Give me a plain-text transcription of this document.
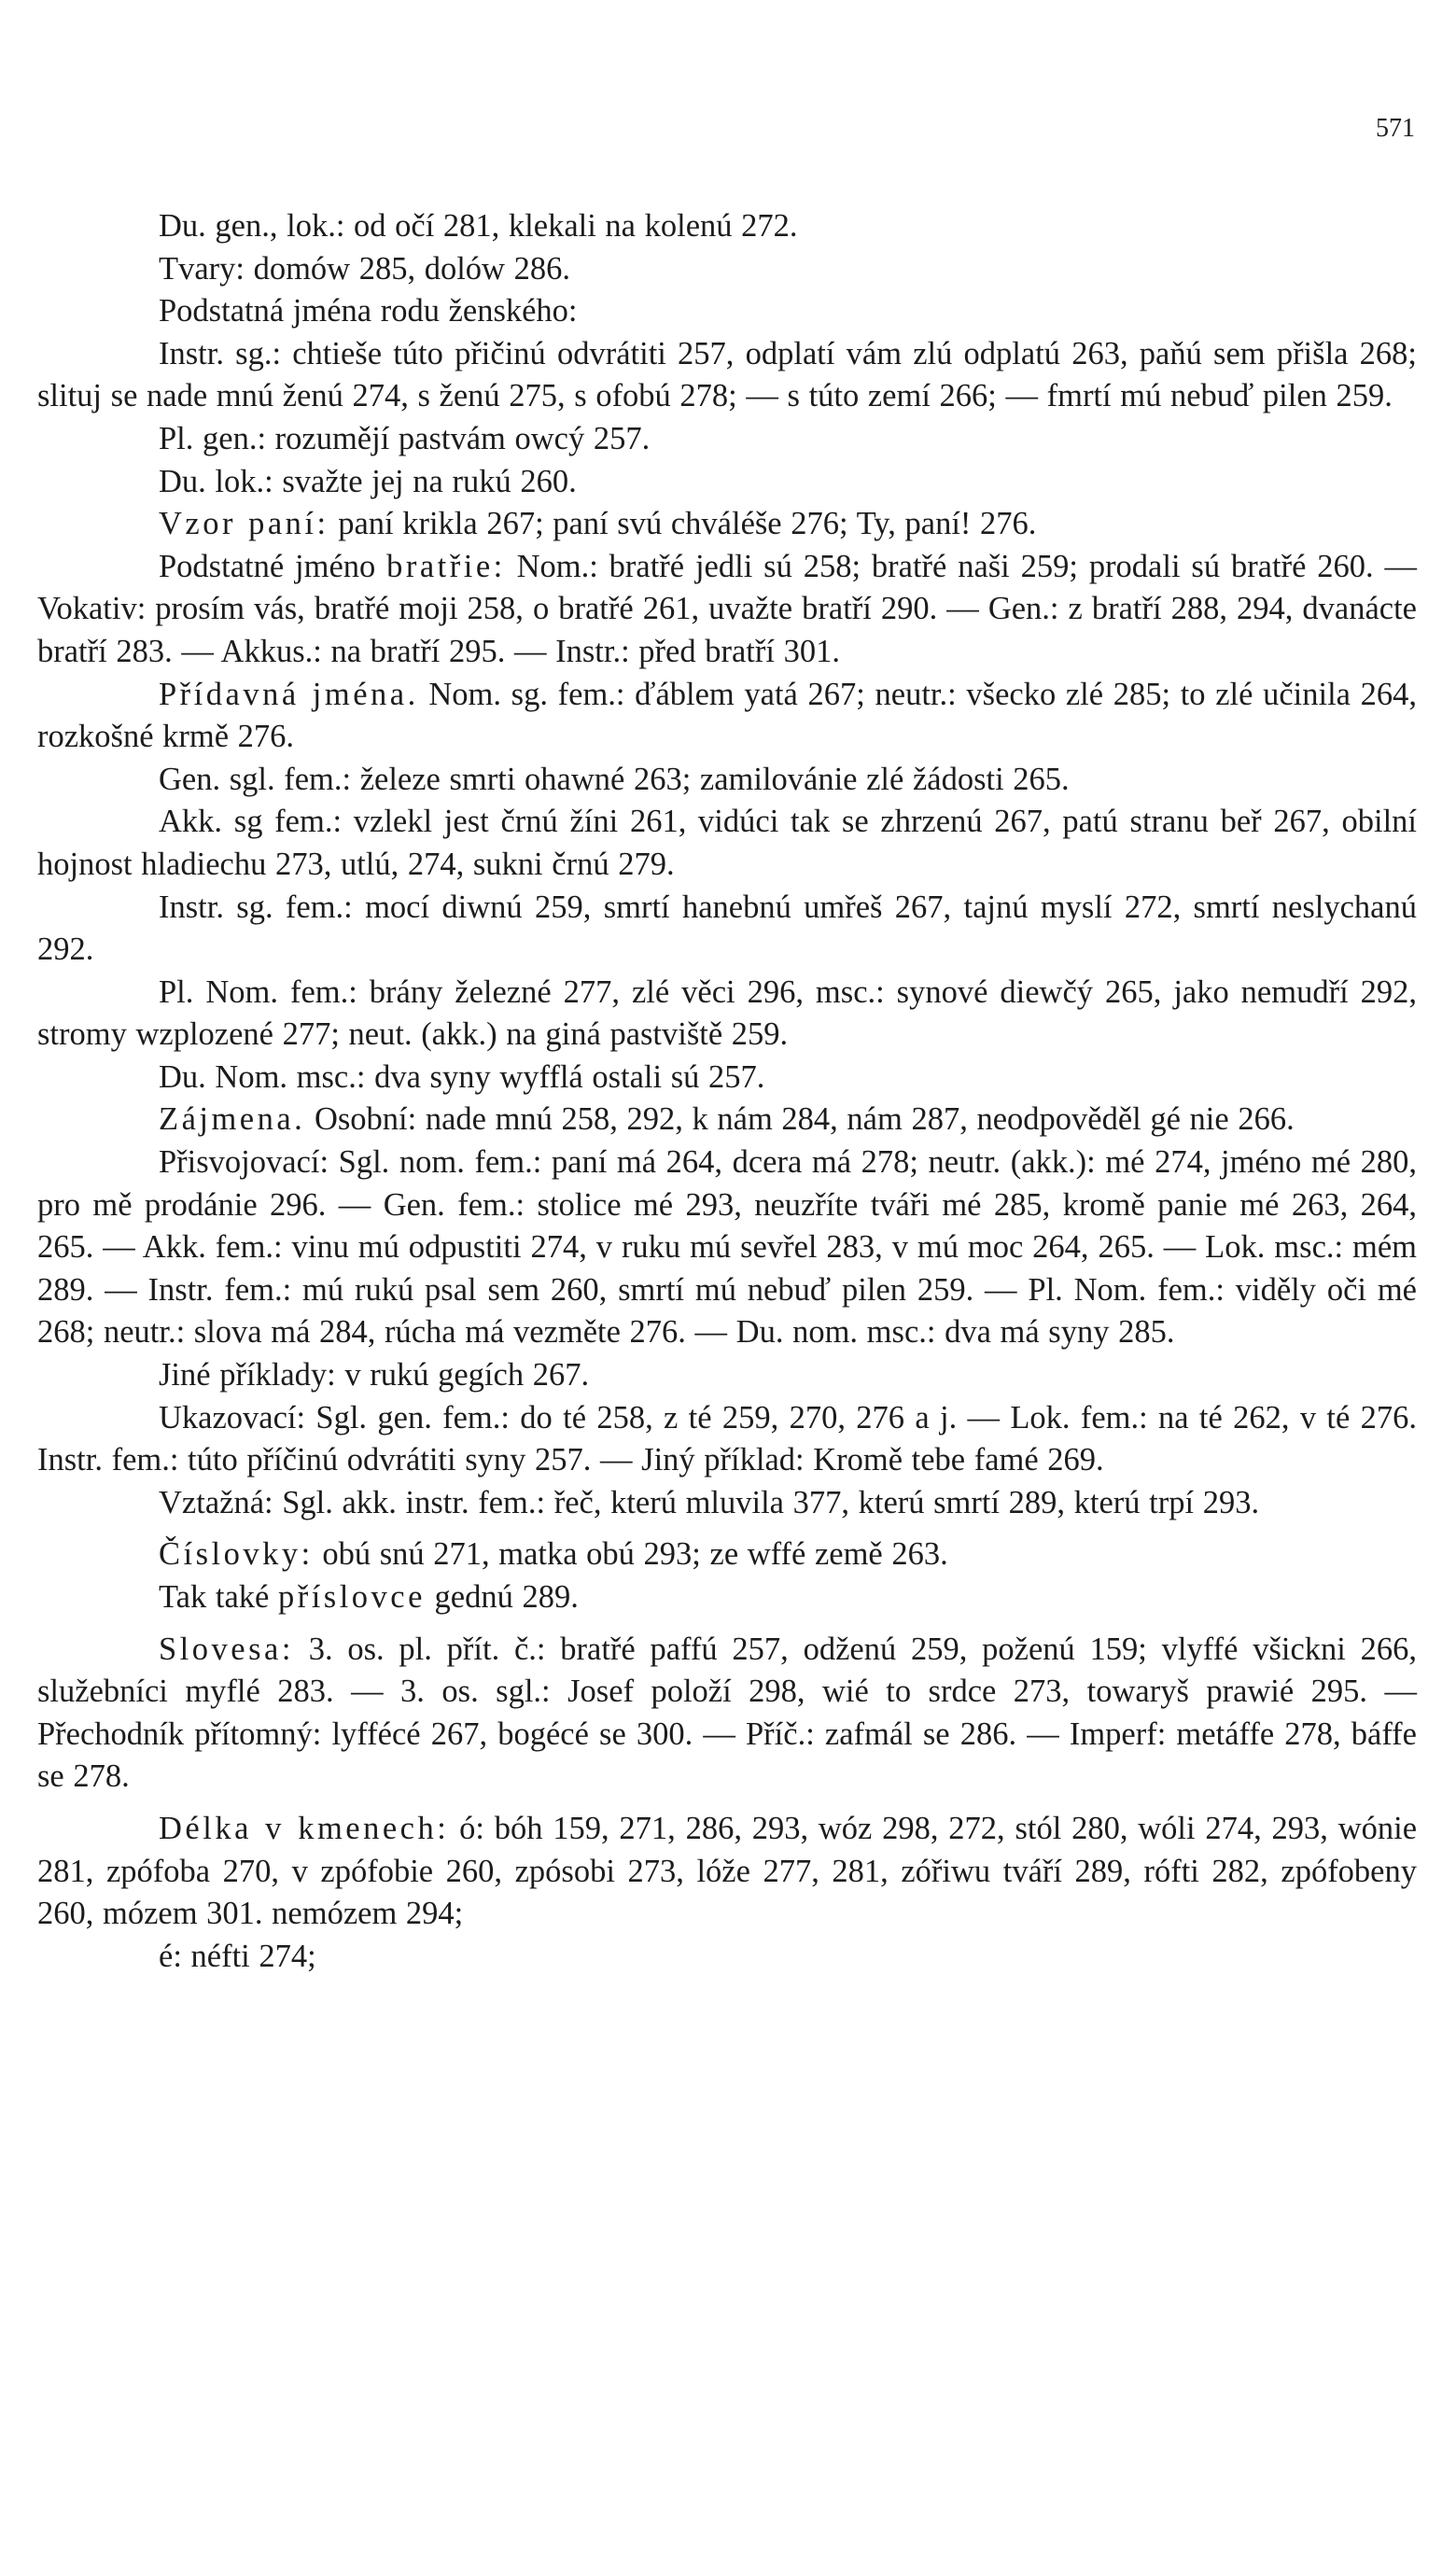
571

Du. gen., lok.: od očí 281, klekali na kolenú 272.

Tvary: domów 285, dolów 286.

Podstatná jména rodu ženského:

Instr. sg.: chtieše túto přičinú odvrátiti 257, odplatí vám zlú odplatú 263, paňú sem přišla 268; slituj se nade mnú ženú 274, s ženú 275, s ofobú 278; — s túto zemí 266; — fmrtí mú nebuď pilen 259.

Pl. gen.: rozumějí pastvám owcý 257.

Du. lok.: svažte jej na rukú 260.

Vzor paní: paní krikla 267; paní svú chváléše 276; Ty, paní! 276.

Podstatné jméno bratřie: Nom.: bratřé jedli sú 258; bratřé naši 259; prodali sú bratřé 260. — Vokativ: prosím vás, bratřé moji 258, o bratřé 261, uvažte bratří 290. — Gen.: z bratří 288, 294, dvanácte bratří 283. — Akkus.: na bratří 295. — Instr.: před bratří 301.

Přídavná jména. Nom. sg. fem.: ďáblem yatá 267; neutr.: všecko zlé 285; to zlé učinila 264, rozkošné krmě 276.

Gen. sgl. fem.: železe smrti ohawné 263; zamilovánie zlé žádosti 265.

Akk. sg fem.: vzlekl jest črnú žíni 261, vidúci tak se zhrzenú 267, patú stranu beř 267, obilní hojnost hladiechu 273, utlú, 274, sukni črnú 279.

Instr. sg. fem.: mocí diwnú 259, smrtí hanebnú umřeš 267, tajnú myslí 272, smrtí neslychanú 292.

Pl. Nom. fem.: brány železné 277, zlé věci 296, msc.: synové diewčý 265, jako nemudří 292, stromy wzplozené 277; neut. (akk.) na giná pastviště 259.

Du. Nom. msc.: dva syny wyfflá ostali sú 257.

Zájmena. Osobní: nade mnú 258, 292, k nám 284, nám 287, neodpověděl gé nie 266.

Přisvojovací: Sgl. nom. fem.: paní má 264, dcera má 278; neutr. (akk.): mé 274, jméno mé 280, pro mě prodánie 296. — Gen. fem.: stolice mé 293, neuzříte tváři mé 285, kromě panie mé 263, 264, 265. — Akk. fem.: vinu mú odpustiti 274, v ruku mú sevřel 283, v mú moc 264, 265. — Lok. msc.: mém 289. — Instr. fem.: mú rukú psal sem 260, smrtí mú nebuď pilen 259. — Pl. Nom. fem.: viděly oči mé 268; neutr.: slova má 284, rúcha má vezměte 276. — Du. nom. msc.: dva má syny 285.

Jiné příklady: v rukú gegích 267.

Ukazovací: Sgl. gen. fem.: do té 258, z té 259, 270, 276 a j. — Lok. fem.: na té 262, v té 276. Instr. fem.: túto příčinú odvrátiti syny 257. — Jiný příklad: Kromě tebe famé 269.

Vztažná: Sgl. akk. instr. fem.: řeč, kterú mluvila 377, kterú smrtí 289, kterú trpí 293.

Číslovky: obú snú 271, matka obú 293; ze wffé země 263.

Tak také příslovce gednú 289.

Slovesa: 3. os. pl. přít. č.: bratřé paffú 257, odženú 259, poženú 159; vlyffé všickni 266, služebníci myflé 283. — 3. os. sgl.: Josef položí 298, wié to srdce 273, towaryš prawié 295. — Přechodník přítomný: lyffécé 267, bogécé se 300. — Příč.: zafmál se 286. — Imperf: metáffe 278, báffe se 278.

Délka v kmenech: ó: bóh 159, 271, 286, 293, wóz 298, 272, stól 280, wóli 274, 293, wónie 281, zpófoba 270, v zpófobie 260, zpósobi 273, lóže 277, 281, zóřiwu tváří 289, rófti 282, zpófobeny 260, mózem 301. nemózem 294;

é: néfti 274;
